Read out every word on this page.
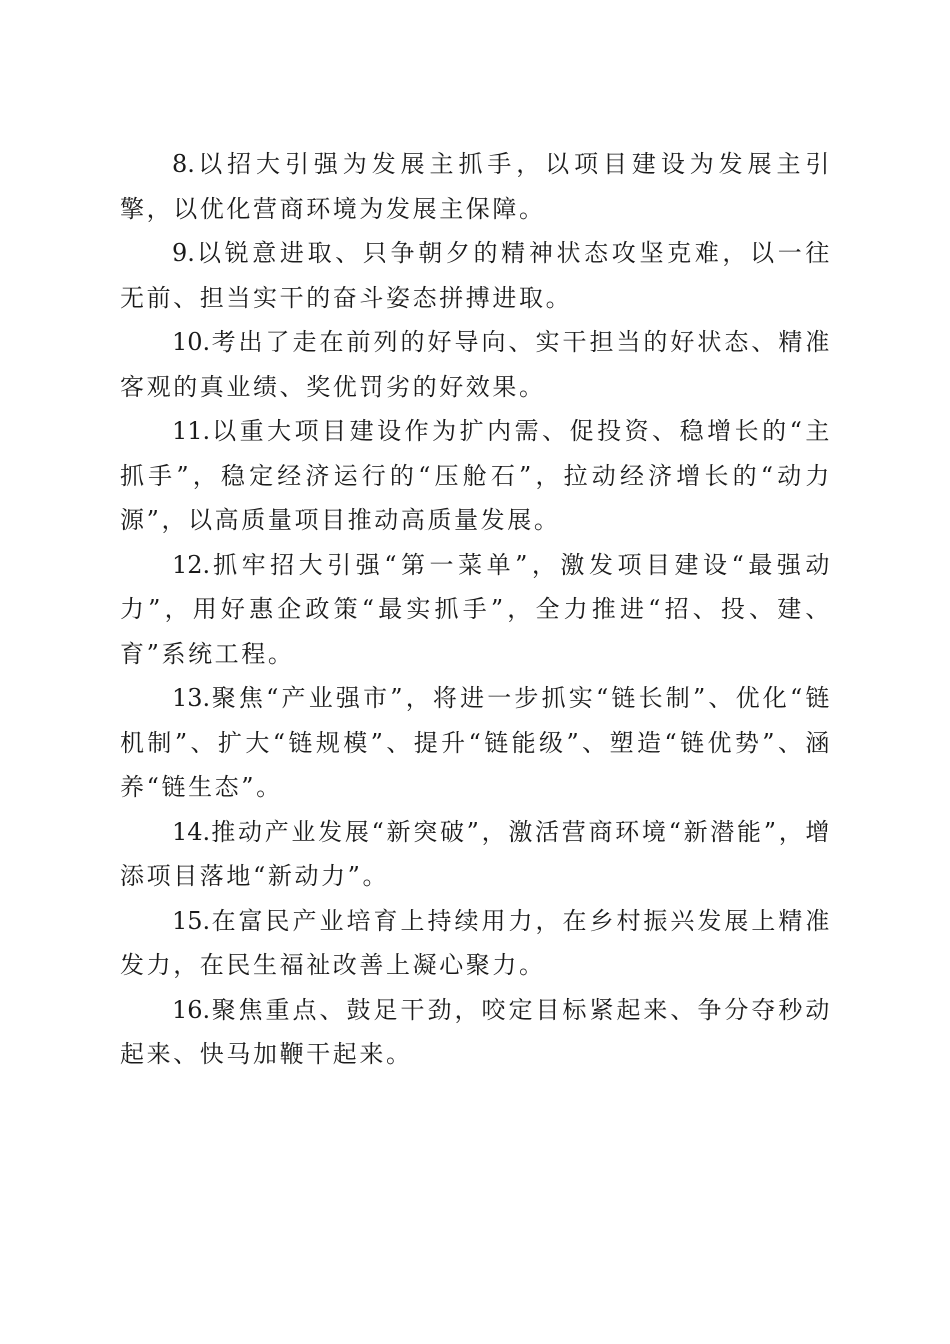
8.以招大引强为发展主抓手，以项目建设为发展主引擎，以优化营商环境为发展主保障。

9.以锐意进取、只争朝夕的精神状态攻坚克难，以一往无前、担当实干的奋斗姿态拼搏进取。

10.考出了走在前列的好导向、实干担当的好状态、精准客观的真业绩、奖优罚劣的好效果。

11.以重大项目建设作为扩内需、促投资、稳增长的“主抓手”，稳定经济运行的“压舱石”，拉动经济增长的“动力源”，以高质量项目推动高质量发展。

12.抓牢招大引强“第一菜单”，激发项目建设“最强动力”，用好惠企政策“最实抓手”，全力推进“招、投、建、育”系统工程。

13.聚焦“产业强市”，将进一步抓实“链长制”、优化“链机制”、扩大“链规模”、提升“链能级”、塑造“链优势”、涵养“链生态”。

14.推动产业发展“新突破”，激活营商环境“新潜能”，增添项目落地“新动力”。

15.在富民产业培育上持续用力，在乡村振兴发展上精准发力，在民生福祉改善上凝心聚力。

16.聚焦重点、鼓足干劲，咬定目标紧起来、争分夺秒动起来、快马加鞭干起来。
